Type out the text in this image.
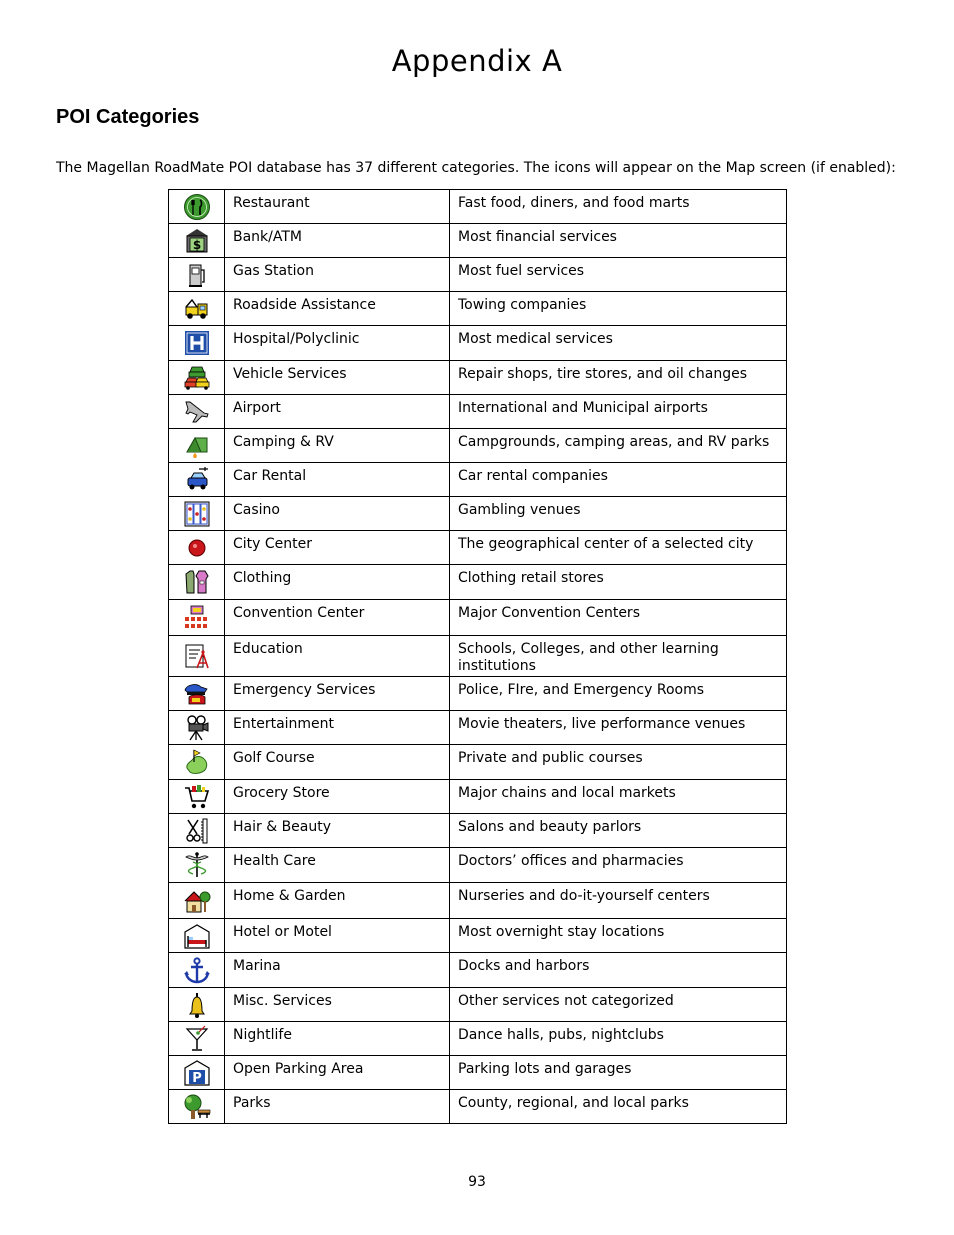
Appendix A
POI Categories
The Magellan RoadMate POI database has 37 different categories. The icons will appear on the Map screen (if enabled):
	Restaurant	Fast food, diners, and food marts

$	Bank/ATM	Most financial services

	Gas Station	Most fuel services

	Roadside Assistance	Towing companies

	Hospital/Polyclinic	Most medical services

	Vehicle Services	Repair shops, tire stores, and oil changes

	Airport	International and Municipal airports

	Camping & RV	Campgrounds, camping areas, and RV parks

	Car Rental	Car rental companies

	Casino	Gambling venues

	City Center	The geographical center of a selected city

	Clothing	Clothing retail stores

	Convention Center	Major Convention Centers

	Education	Schools, Colleges, and other learning institutions

	Emergency Services	Police, FIre, and Emergency Rooms

	Entertainment	Movie theaters, live performance venues

	Golf Course	Private and public courses

	Grocery Store	Major chains and local markets

	Hair & Beauty	Salons and beauty parlors

	Health Care	Doctors’ offices and pharmacies

	Home & Garden	Nurseries and do-it-yourself centers

	Hotel or Motel	Most overnight stay locations

	Marina	Docks and harbors

	Misc. Services	Other services not categorized

	Nightlife	Dance halls, pubs, nightclubs

P	Open Parking Area	Parking lots and garages

	Parks	County, regional, and local parks
93
